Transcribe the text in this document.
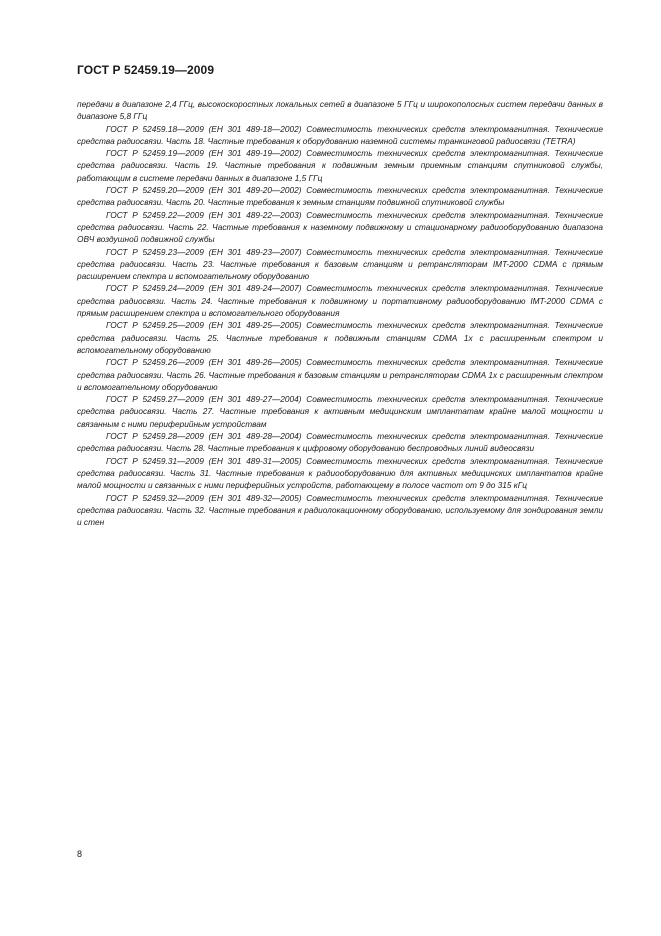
ГОСТ Р 52459.19—2009

передачи в диапазоне 2,4 ГГц, высокоскоростных локальных сетей в диапазоне 5 ГГц и широкополосных систем передачи данных в диапазоне 5,8 ГГц

ГОСТ Р 52459.18—2009 (ЕН 301 489-18—2002) Совместимость технических средств электромагнитная. Технические средства радиосвязи. Часть 18. Частные требования к оборудованию наземной системы транкинговой радиосвязи (TETRA)

ГОСТ Р 52459.19—2009 (ЕН 301 489-19—2002) Совместимость технических средств электромагнитная. Технические средства радиосвязи. Часть 19. Частные требования к подвижным земным приемным станциям спутниковой службы, работающим в системе передачи данных в диапазоне 1,5 ГГц

ГОСТ Р 52459.20—2009 (ЕН 301 489-20—2002) Совместимость технических средств электромагнитная. Технические средства радиосвязи. Часть 20. Частные требования к земным станциям подвижной спутниковой службы

ГОСТ Р 52459.22—2009 (ЕН 301 489-22—2003) Совместимость технических средств электромагнитная. Технические средства радиосвязи. Часть 22. Частные требования к наземному подвижному и стационарному радиооборудованию диапазона ОВЧ воздушной подвижной службы

ГОСТ Р 52459.23—2009 (ЕН 301 489-23—2007) Совместимость технических средств электромагнитная. Технические средства радиосвязи. Часть 23. Частные требования к базовым станциям и ретрансляторам IMT-2000 CDMA с прямым расширением спектра и вспомогательному оборудованию

ГОСТ Р 52459.24—2009 (ЕН 301 489-24—2007) Совместимость технических средств электромагнитная. Технические средства радиосвязи. Часть 24. Частные требования к подвижному и портативному радиооборудованию IMT-2000 CDMA с прямым расширением спектра и вспомогательного оборудования

ГОСТ Р 52459.25—2009 (ЕН 301 489-25—2005) Совместимость технических средств электромагнитная. Технические средства радиосвязи. Часть 25. Частные требования к подвижным станциям CDMA 1x с расширенным спектром и вспомогательному оборудованию

ГОСТ Р 52459.26—2009 (ЕН 301 489-26—2005) Совместимость технических средств электромагнитная. Технические средства радиосвязи. Часть 26. Частные требования к базовым станциям и ретрансляторам CDMA 1x с расширенным спектром и вспомогательному оборудованию

ГОСТ Р 52459.27—2009 (ЕН 301 489-27—2004) Совместимость технических средств электромагнитная. Технические средства радиосвязи. Часть 27. Частные требования к активным медицинским имплантатам крайне малой мощности и связанным с ними периферийным устройствам

ГОСТ Р 52459.28—2009 (ЕН 301 489-28—2004) Совместимость технических средств электромагнитная. Технические средства радиосвязи. Часть 28. Частные требования к цифровому оборудованию беспроводных линий видеосвязи

ГОСТ Р 52459.31—2009 (ЕН 301 489-31—2005) Совместимость технических средств электромагнитная. Технические средства радиосвязи. Часть 31. Частные требования к радиооборудованию для активных медицинских имплантатов крайне малой мощности и связанных с ними периферийных устройств, работающему в полосе частот от 9 до 315 кГц

ГОСТ Р 52459.32—2009 (ЕН 301 489-32—2005) Совместимость технических средств электромагнитная. Технические средства радиосвязи. Часть 32. Частные требования к радиолокационному оборудованию, используемому для зондирования земли и стен

8
